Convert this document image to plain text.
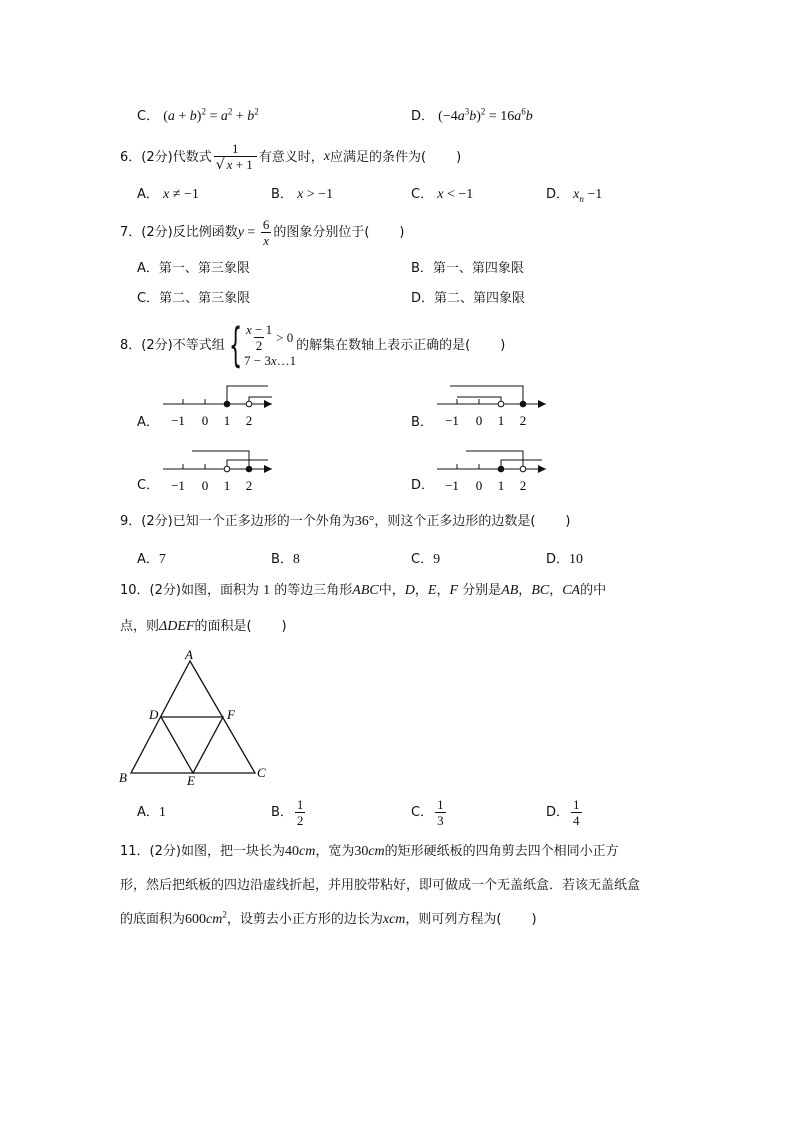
C． $(a + b)^2 = a^2 + b^2$	D． $(-4a^3b)^2 = 16a^6b$
6．(2分) 代数式 $\frac{1}{√ x + 1}$ 有意义时， x 应满足的条件为 ( )
A． x ≠ −1	B． x > −1	C． x < −1	D． $x_n -1$
7．(2分) 反比例函数 $y = \frac{6}{x}$ 的图象分别位于 ( )
A．第一、第三象限	B．第一、第四象限
C．第二、第三象限	D．第二、第四象限
8．(2分) 不等式组 { $\frac{x - 1}{2} > 0$
7 − 3x…1
的解集在数轴上表示正确的是 ( )
A．	B．
C．	D．
−1 0 1 2	−1 0 1 2
−1 0 1 2	−1 0 1 2
9．(2分)已知一个正多边形的一个外角为36°，则这个正多边形的边数是( )
A．7	B．8	C．9	D．10
10．(2分)如图，面积为 1 的等边三角形ABC中，D，E，F 分别是AB，BC，CA的中
点，则ΔDEF的面积是( )
A
B	C
D
E
F
A．1	B． $\frac{1}{2}$	C． $\frac{1}{3}$	D． $\frac{1}{4}$
11．(2分)如图，把一块长为40cm，宽为30cm的矩形硬纸板的四角剪去四个相同小正方
形，然后把纸板的四边沿虚线折起，并用胶带粘好，即可做成一个无盖纸盒．若该无盖纸盒
的底面积为$600cm^2$，设剪去小正方形的边长为xcm，则可列方程为( )
